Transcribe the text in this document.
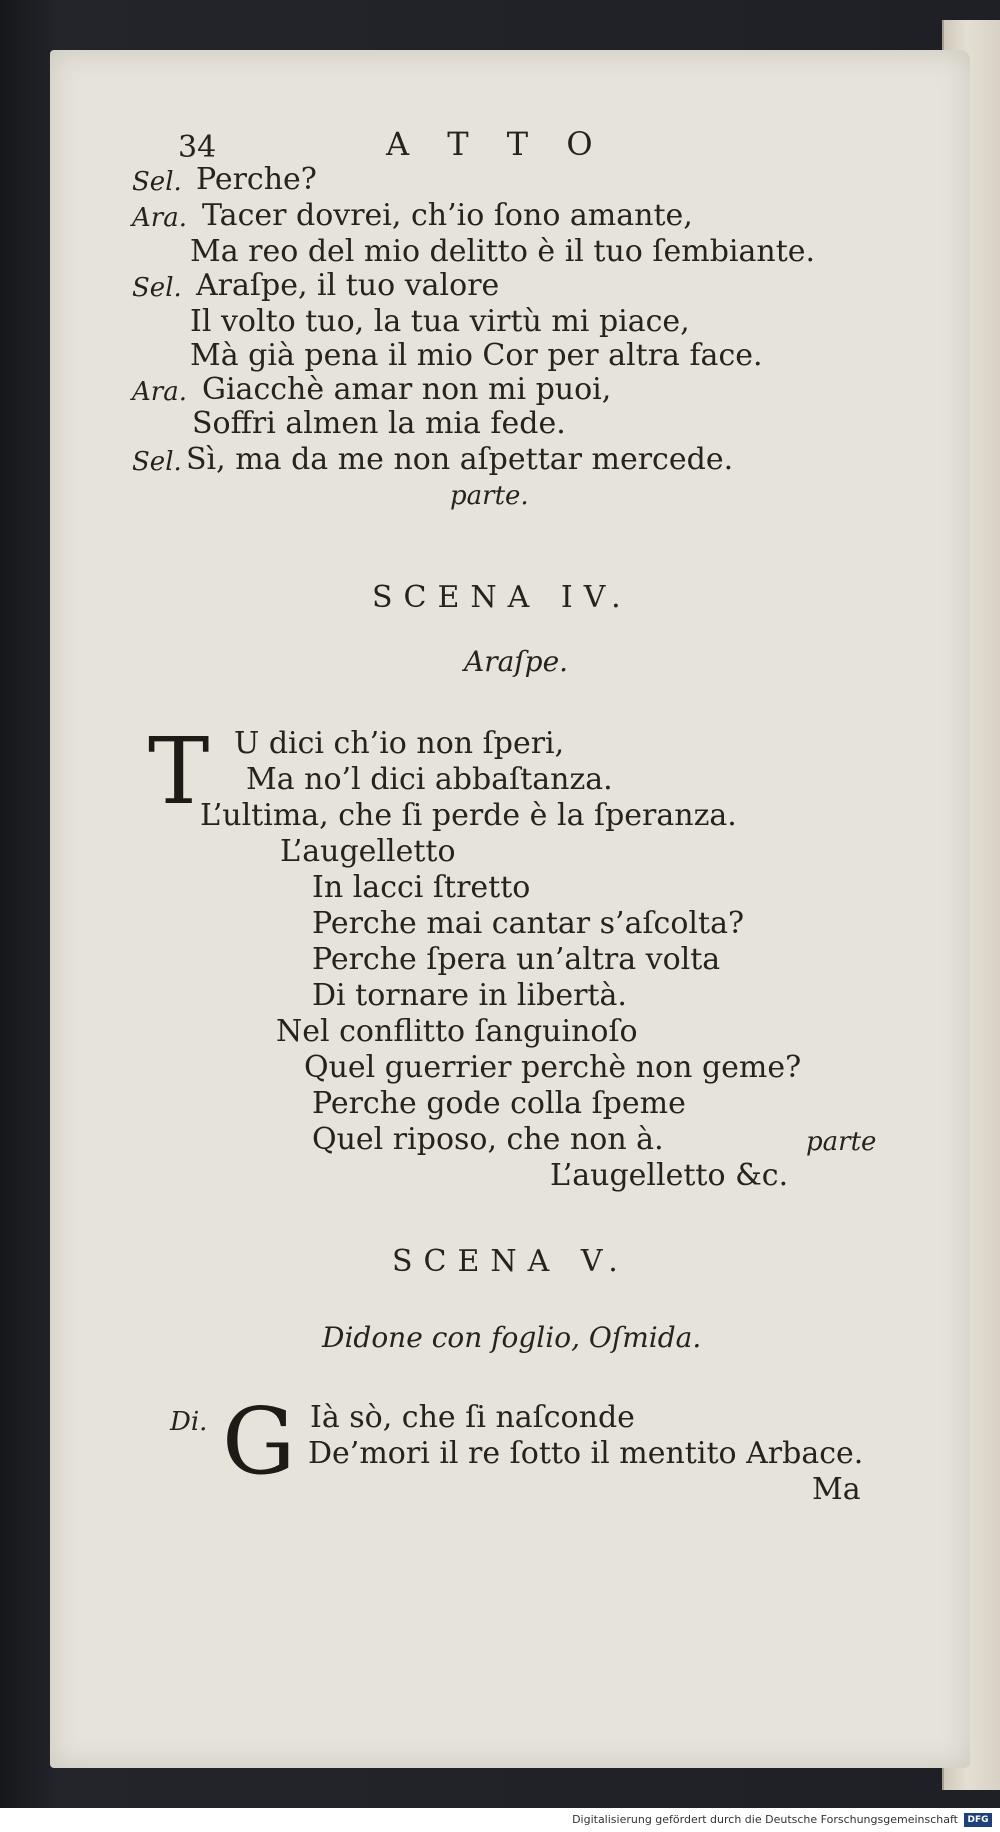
34	A T T O
Sel. Perche?
Ara. Tacer dovrei, ch’io ſono amante,
Ma reo del mio delitto è il tuo ſembiante.
Sel. Araſpe, il tuo valore
Il volto tuo, la tua virtù mi piace,
Mà già pena il mio Cor per altra face.
Ara. Giacchè amar non mi puoi,
Soffri almen la mia fede.
Sel. Sì, ma da me non aſpettar mercede.
parte.
SCENA IV.
Araſpe.
T U dici ch’io non ſperi,
Ma no’l dici abbaſtanza.
L’ultima, che ſi perde è la ſperanza.
L’augelletto
In lacci ſtretto
Perche mai cantar s’aſcolta?
Perche ſpera un’altra volta
Di tornare in libertà.
Nel conflitto ſanguinoſo
Quel guerrier perchè non geme?
Perche gode colla ſpeme
Quel riposo, che non à.	parte
L’augelletto &c.
SCENA V.
Didone con foglio, Oſmida.
Di. G Ià sò, che ſi naſconde
De’mori il re ſotto il mentito Arbace.
Ma
Digitalisierung gefördert durch die Deutsche Forschungsgemeinschaft	DFG
